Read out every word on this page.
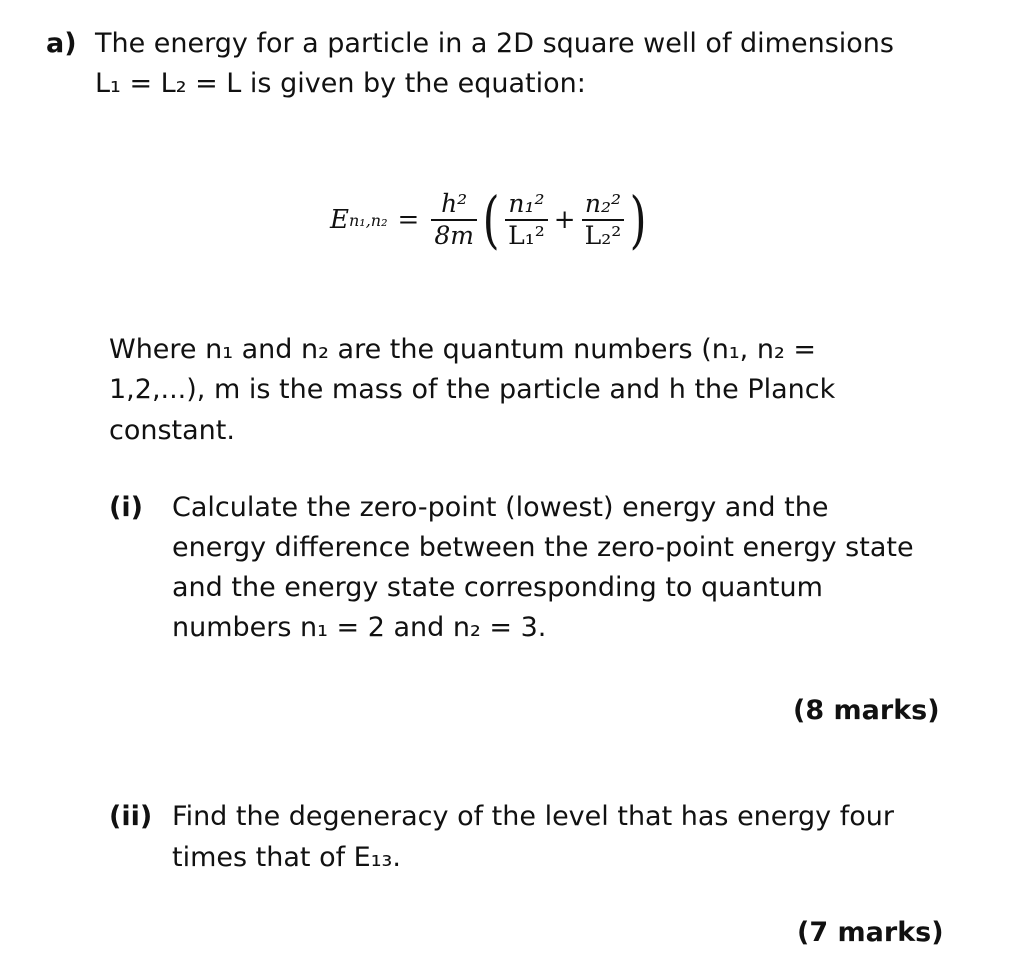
a) The energy for a particle in a 2D square well of dimensions
L₁ = L₂ = L is given by the equation:
E $n_1,n_2 = \frac{\text{h²}}{8m}$ ( $\frac{\text{n₁²}}{\text{L₁²}} + \frac{\text{n₂²}}{\text{L₂²}}$ )
Where n₁ and n₂ are the quantum numbers (n₁, n₂ =
1,2,...), m is the mass of the particle and h the Planck
constant.
(i) Calculate the zero-point (lowest) energy and the
energy difference between the zero-point energy state
and the energy state corresponding to quantum
numbers n₁ = 2 and n₂ = 3.
(8 marks)
(ii) Find the degeneracy of the level that has energy four
times that of E₁₃.
(7 marks)
